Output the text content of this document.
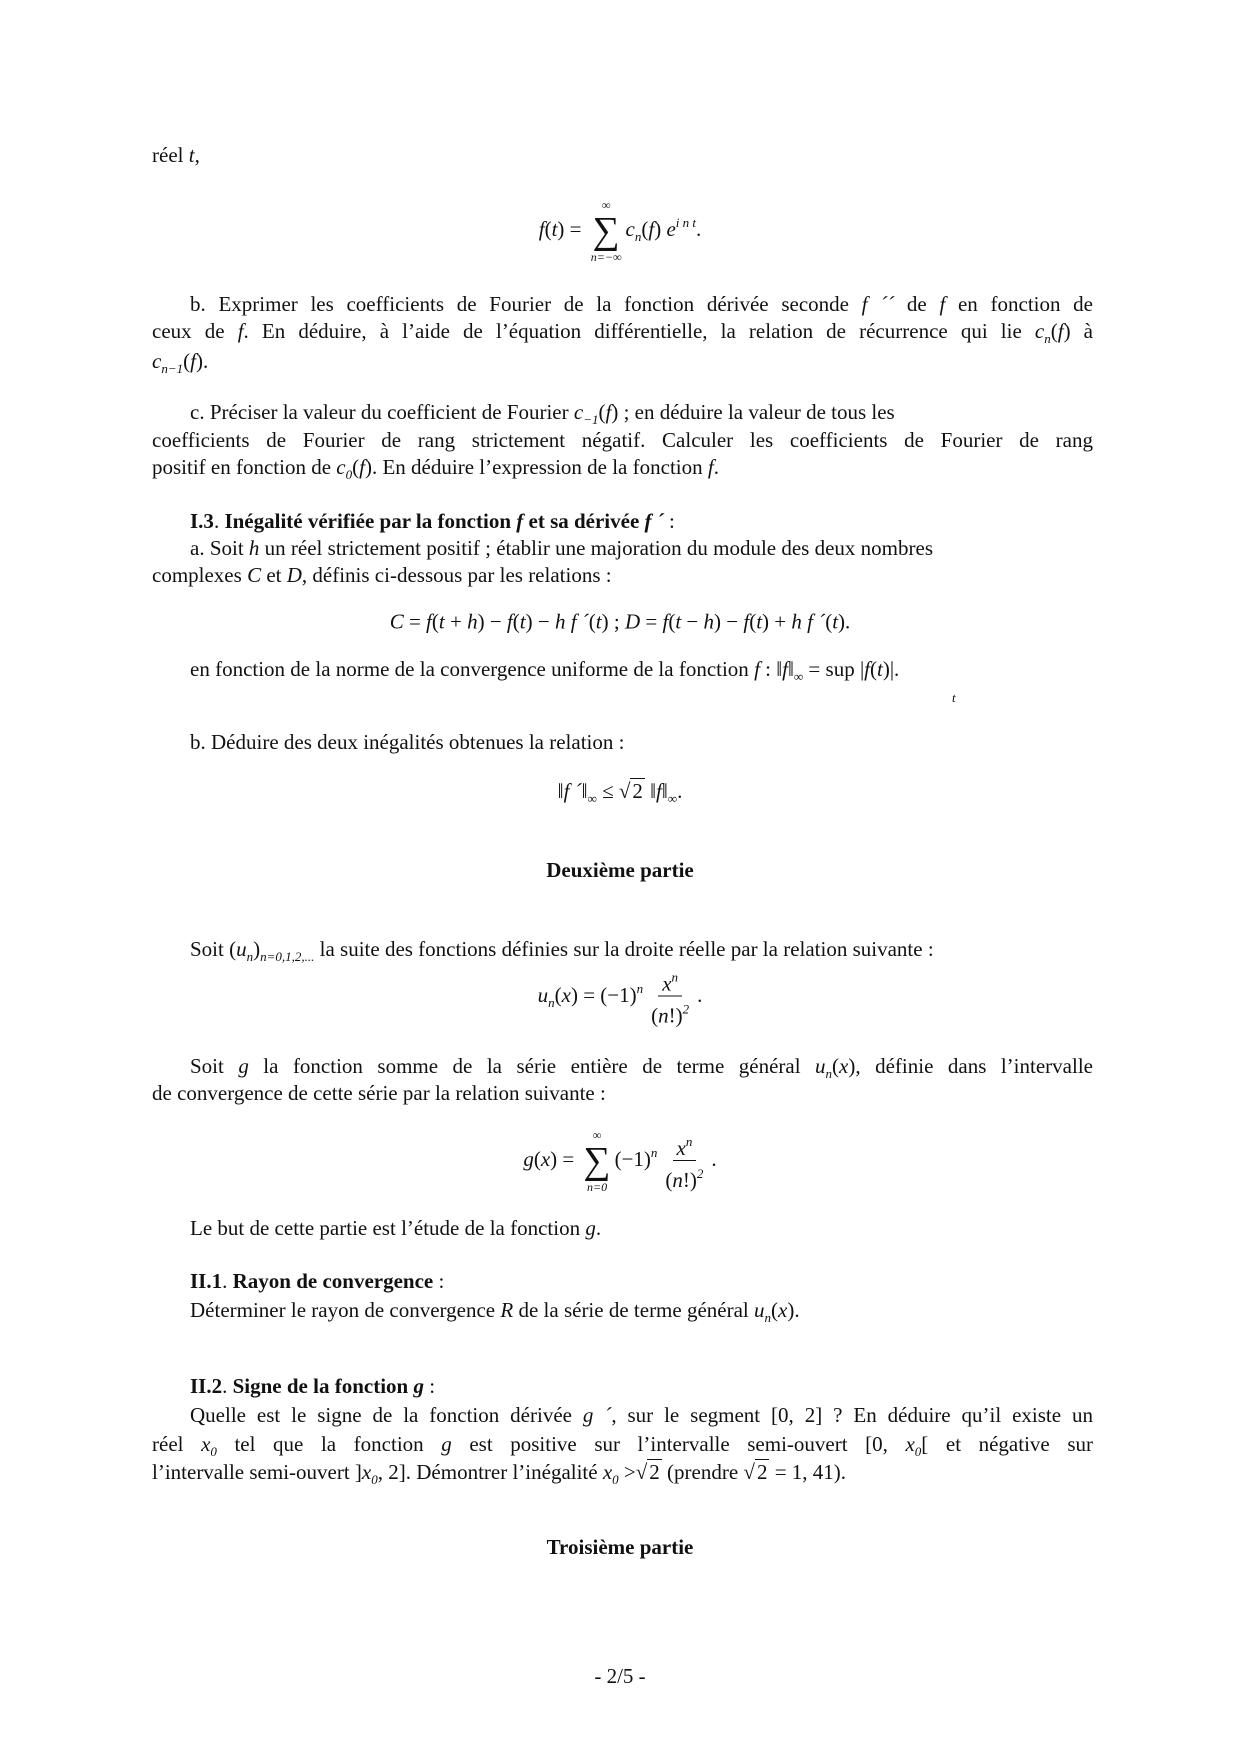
réel t,
f(t) =
∞
∑
n=−∞
$c_n(f)$ $e^{i n t}$.
b. Exprimer les coefficients de Fourier de la fonction dérivée seconde f ´´ de f en fonction de
ceux de f. En déduire, à l’aide de l’équation différentielle, la relation de récurrence qui lie $c_n(f)$ à
$c_{n-1}(f)$.
c. Préciser la valeur du coefficient de Fourier $c_{-1}(f)$ ; en déduire la valeur de tous les
coefficients de Fourier de rang strictement négatif. Calculer les coefficients de Fourier de rang
positif en fonction de $c_0(f)$. En déduire l’expression de la fonction f.
I.3. Inégalité vérifiée par la fonction f et sa dérivée f ´ :
a. Soit h un réel strictement positif ; établir une majoration du module des deux nombres
complexes C et D, définis ci-dessous par les relations :
C = f(t + h) − f(t) − h f ´(t) ; D = f(t − h) − f(t) + h f ´(t).
en fonction de la norme de la convergence uniforme de la fonction f : $‖f‖_\infty$ = sup |f(t)|.
t
b. Déduire des deux inégalités obtenues la relation :
‖f $´‖_\infty \le √2$ $‖f‖_\infty$.
Deuxième partie
Soit $(u_n)_{n=0,1,2,...}$ la suite des fonctions définies sur la droite réelle par la relation suivante :
$u_n(x) = (-1)^n \frac{x^n}{(n!)^2}$ .
Soit g la fonction somme de la série entière de terme général $u_n(x)$, définie dans l’intervalle
de convergence de cette série par la relation suivante :
g(x) =
∞
∑
n=0
$(-1)^n \frac{x^n}{(n!)^2}$ .
Le but de cette partie est l’étude de la fonction g.
II.1. Rayon de convergence :
Déterminer le rayon de convergence R de la série de terme général $u_n(x)$.
II.2. Signe de la fonction g :
Quelle est le signe de la fonction dérivée g ´, sur le segment [0, 2] ? En déduire qu’il existe un
réel $x_0$ tel que la fonction g est positive sur l’intervalle semi-ouvert [0, $x_0$[ et négative sur
l’intervalle semi-ouvert ]$x_0$, 2]. Démontrer l’inégalité $x_0 >√2$ (prendre √2 = 1, 41).
Troisième partie
- 2/5 -
